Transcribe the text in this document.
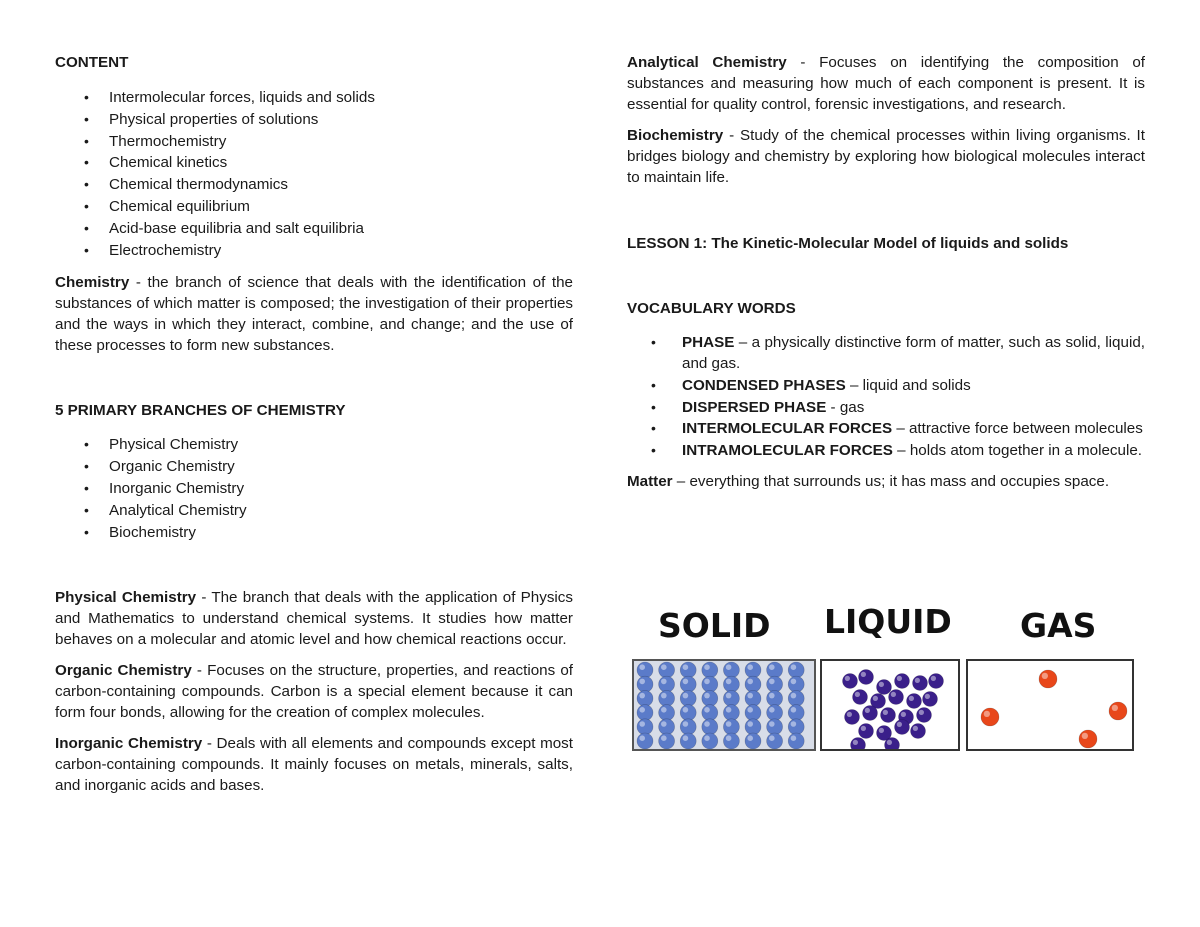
CONTENT

• Intermolecular forces, liquids and solids
• Physical properties of solutions
• Thermochemistry
• Chemical kinetics
• Chemical thermodynamics
• Chemical equilibrium
• Acid-base equilibria and salt equilibria
• Electrochemistry

Chemistry - the branch of science that deals with the identification of the substances of which matter is composed; the investigation of their properties and the ways in which they interact, combine, and change; and the use of these processes to form new substances.

5 PRIMARY BRANCHES OF CHEMISTRY

• Physical Chemistry
• Organic Chemistry
• Inorganic Chemistry
• Analytical Chemistry
• Biochemistry

Physical Chemistry - The branch that deals with the application of Physics and Mathematics to understand chemical systems. It studies how matter behaves on a molecular and atomic level and how chemical reactions occur.

Organic Chemistry - Focuses on the structure, properties, and reactions of carbon-containing compounds. Carbon is a special element because it can form four bonds, allowing for the creation of complex molecules.

Inorganic Chemistry - Deals with all elements and compounds except most carbon-containing compounds. It mainly focuses on metals, minerals, salts, and inorganic acids and bases.

Analytical Chemistry - Focuses on identifying the composition of substances and measuring how much of each component is present. It is essential for quality control, forensic investigations, and research.

Biochemistry - Study of the chemical processes within living organisms. It bridges biology and chemistry by exploring how biological molecules interact to maintain life.

LESSON 1: The Kinetic-Molecular Model of liquids and solids

VOCABULARY WORDS

• PHASE – a physically distinctive form of matter, such as solid, liquid, and gas.

• CONDENSED PHASES – liquid and solids

• DISPERSED PHASE - gas

• INTERMOLECULAR FORCES – attractive force between molecules

• INTRAMOLECULAR FORCES – holds atom together in a molecule.

Matter – everything that surrounds us; it has mass and occupies space.

SOLID LIQUID GAS
